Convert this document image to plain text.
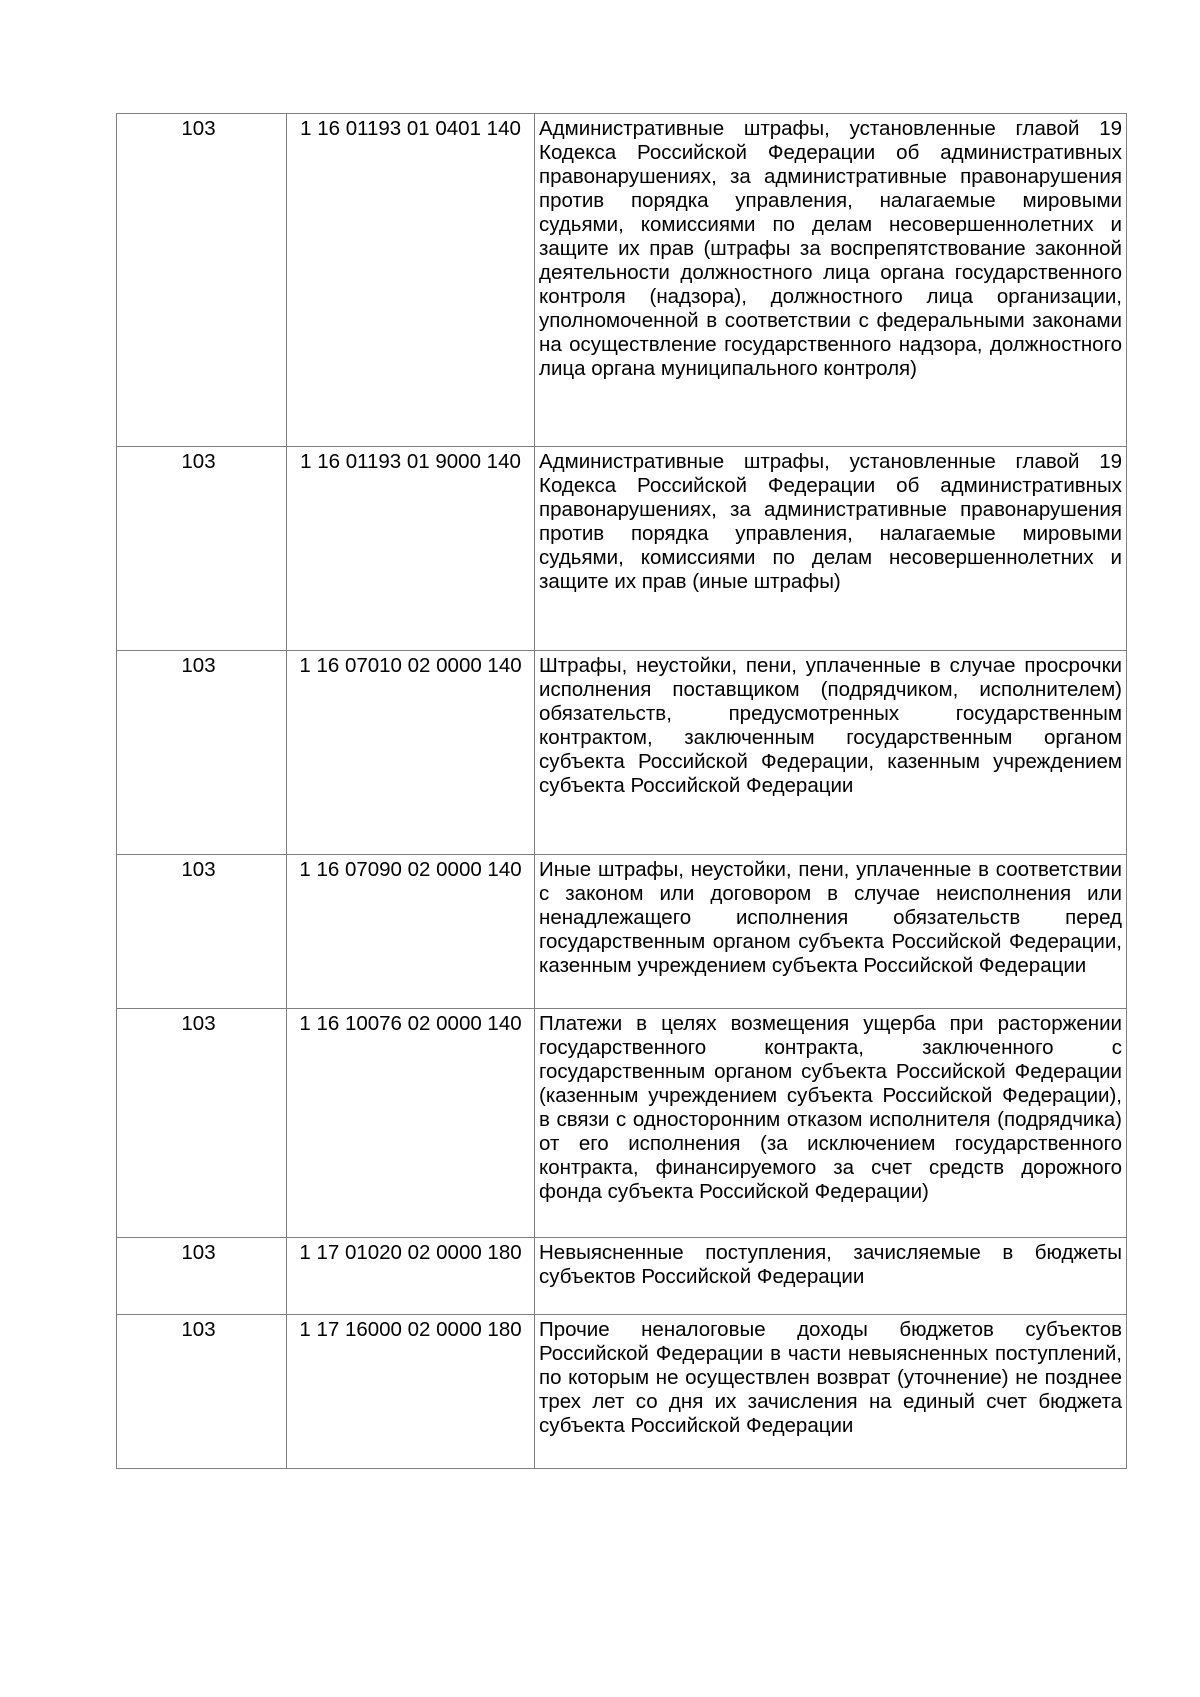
103	1 16 01193 01 0401 140	Административные штрафы, установленные главой 19 Кодекса Российской Федерации об административных правонарушениях, за административные правонарушения против порядка управления, налагаемые мировыми судьями, комиссиями по делам несовершеннолетних и защите их прав (штрафы за воспрепятствование законной деятельности должностного лица органа государственного контроля (надзора), должностного лица организации, уполномоченной в соответствии с федеральными законами на осуществление государственного надзора, должностного лица органа муниципального контроля)
103	1 16 01193 01 9000 140	Административные штрафы, установленные главой 19 Кодекса Российской Федерации об административных правонарушениях, за административные правонарушения против порядка управления, налагаемые мировыми судьями, комиссиями по делам несовершеннолетних и защите их прав (иные штрафы)
103	1 16 07010 02 0000 140	Штрафы, неустойки, пени, уплаченные в случае просрочки исполнения поставщиком (подрядчиком, исполнителем) обязательств, предусмотренных государственным контрактом, заключенным государственным органом субъекта Российской Федерации, казенным учреждением субъекта Российской Федерации
103	1 16 07090 02 0000 140	Иные штрафы, неустойки, пени, уплаченные в соответствии с законом или договором в случае неисполнения или ненадлежащего исполнения обязательств перед государственным органом субъекта Российской Федерации, казенным учреждением субъекта Российской Федерации
103	1 16 10076 02 0000 140	Платежи в целях возмещения ущерба при расторжении государственного контракта, заключенного с государственным органом субъекта Российской Федерации (казенным учреждением субъекта Российской Федерации), в связи с односторонним отказом исполнителя (подрядчика) от его исполнения (за исключением государственного контракта, финансируемого за счет средств дорожного фонда субъекта Российской Федерации)
103	1 17 01020 02 0000 180	Невыясненные поступления, зачисляемые в бюджеты субъектов Российской Федерации
103	1 17 16000 02 0000 180	Прочие неналоговые доходы бюджетов субъектов Российской Федерации в части невыясненных поступлений, по которым не осуществлен возврат (уточнение) не позднее трех лет со дня их зачисления на единый счет бюджета субъекта Российской Федерации
